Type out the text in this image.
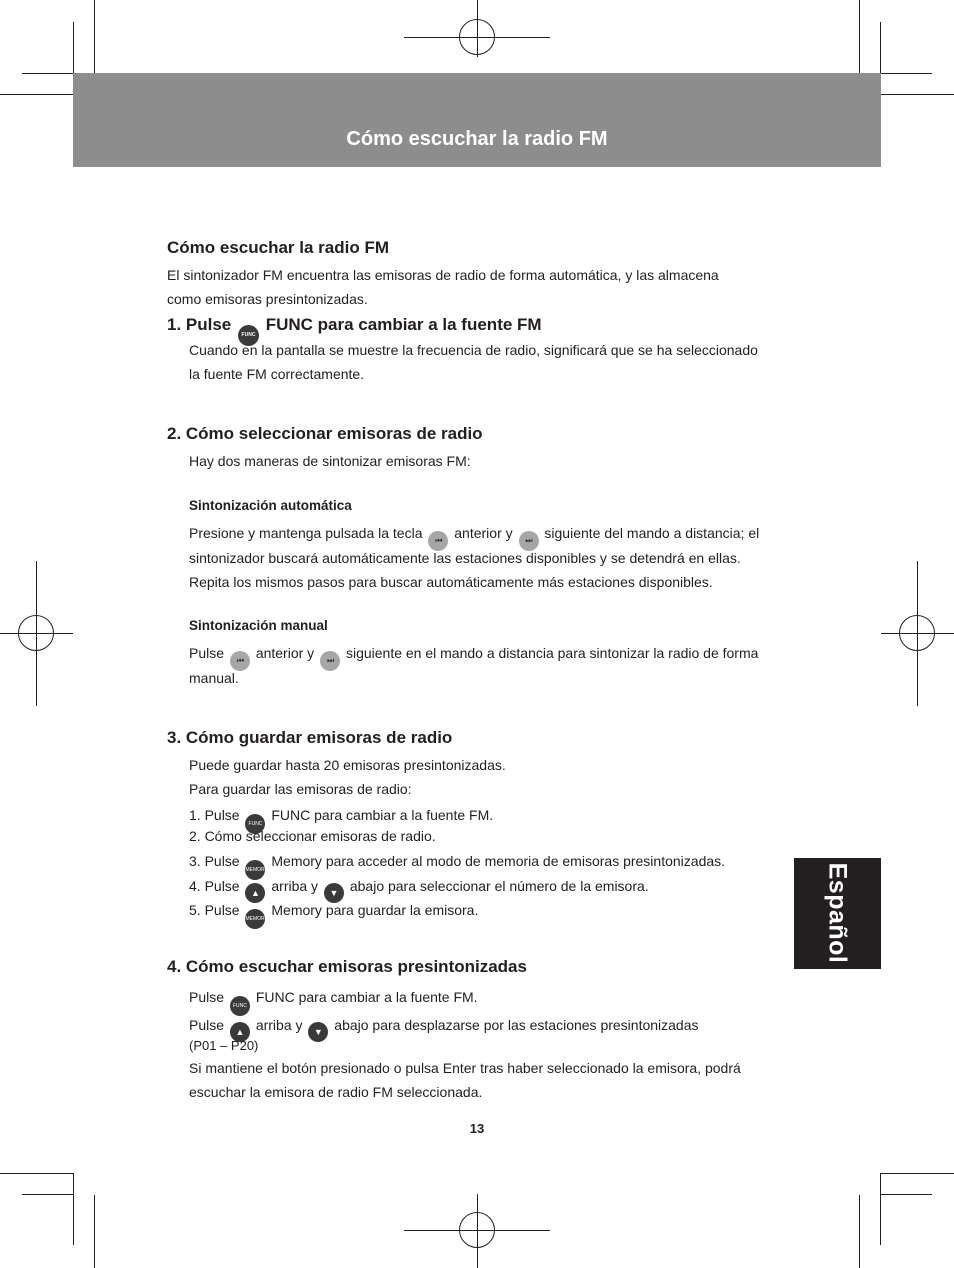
Cómo escuchar la radio FM
Español
Cómo escuchar la radio FM
El sintonizador FM encuentra las emisoras de radio de forma automática, y las almacena
como emisoras presintonizadas.
1. Pulse FUNC FUNC para cambiar a la fuente FM
Cuando en la pantalla se muestre la frecuencia de radio, significará que se ha seleccionado
la fuente FM correctamente.
2. Cómo seleccionar emisoras de radio
Hay dos maneras de sintonizar emisoras FM:
Sintonización automática
Presione y mantenga pulsada la tecla ⏮ anterior y ⏭ siguiente del mando a distancia; el
sintonizador buscará automáticamente las estaciones disponibles y se detendrá en ellas.
Repita los mismos pasos para buscar automáticamente más estaciones disponibles.
Sintonización manual
Pulse ⏮ anterior y ⏭ siguiente en el mando a distancia para sintonizar la radio de forma
manual.
3. Cómo guardar emisoras de radio
Puede guardar hasta 20 emisoras presintonizadas.
Para guardar las emisoras de radio:
1. Pulse FUNC FUNC para cambiar a la fuente FM.
2. Cómo seleccionar emisoras de radio.
3. Pulse MEMORY Memory para acceder al modo de memoria de emisoras presintonizadas.
4. Pulse ▲ arriba y ▼ abajo para seleccionar el número de la emisora.
5. Pulse MEMORY Memory para guardar la emisora.
4. Cómo escuchar emisoras presintonizadas
Pulse FUNC FUNC para cambiar a la fuente FM.
Pulse ▲ arriba y ▼ abajo para desplazarse por las estaciones presintonizadas
(P01 – P20)
Si mantiene el botón presionado o pulsa Enter tras haber seleccionado la emisora, podrá
escuchar la emisora de radio FM seleccionada.
13
